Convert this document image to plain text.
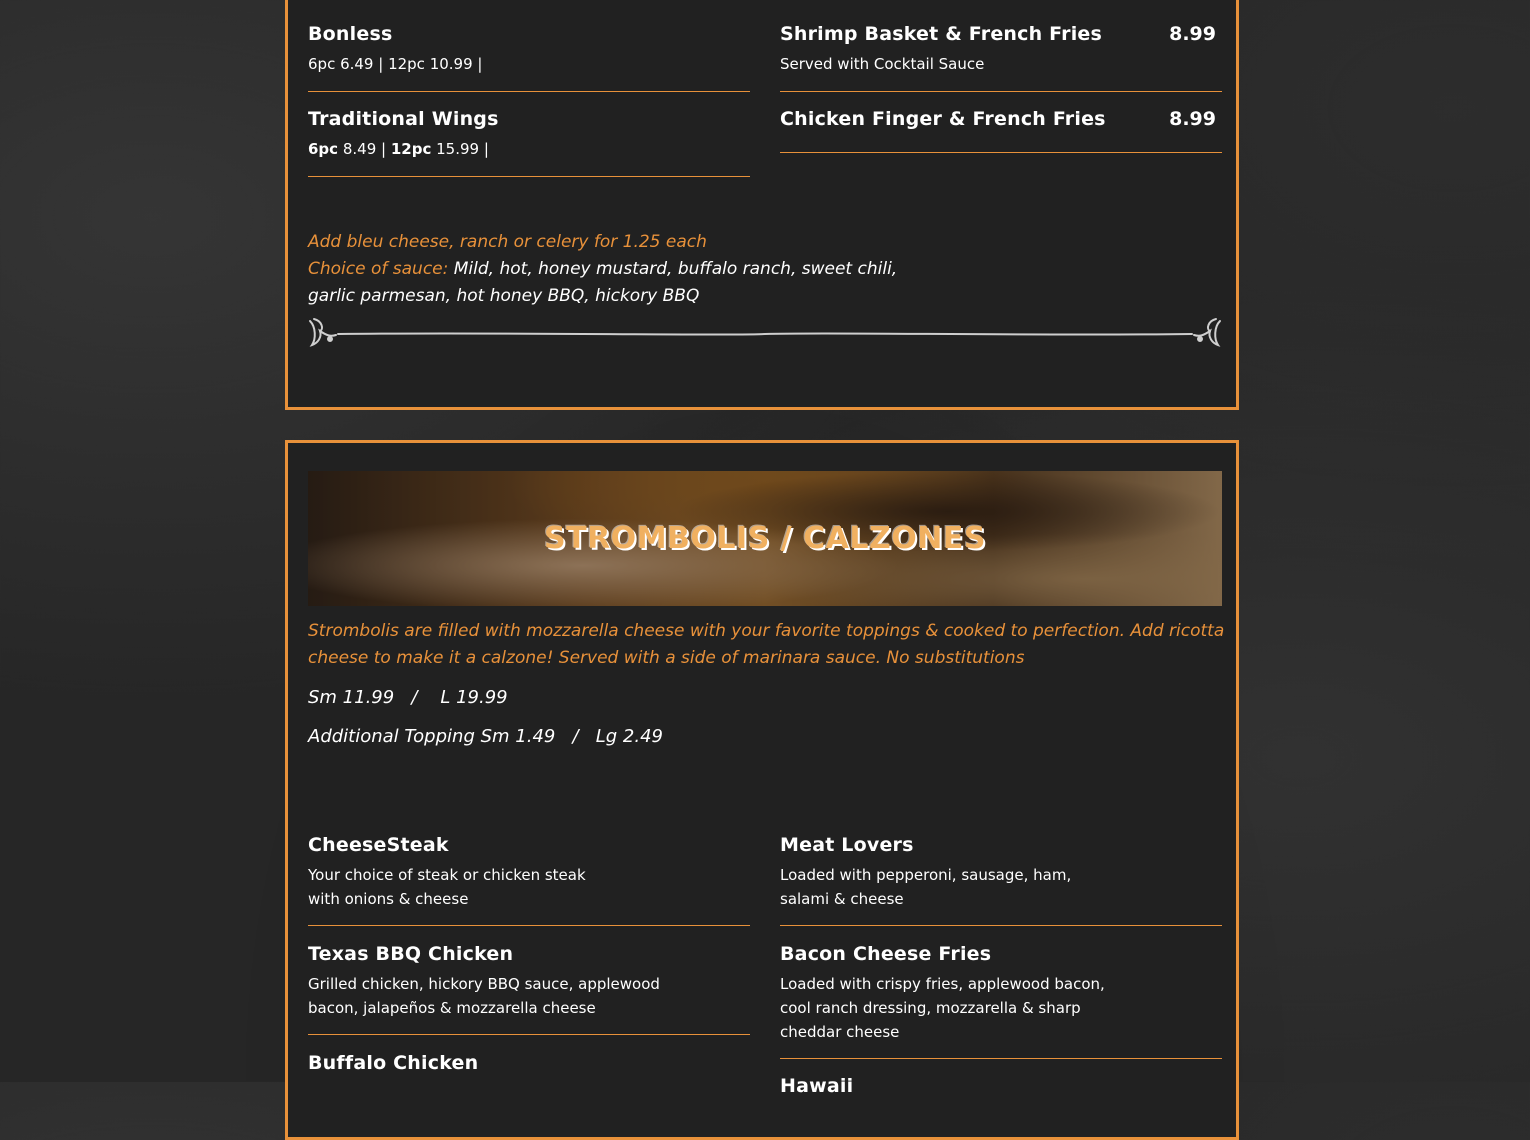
Bonless
6pc 6.49 | 12pc 10.99 |
Traditional Wings
6pc 8.49 | 12pc 15.99 |
Shrimp Basket & French Fries	8.99
Served with Cocktail Sauce
Chicken Finger & French Fries	8.99
Add bleu cheese, ranch or celery for 1.25 each
Choice of sauce: Mild, hot, honey mustard, buffalo ranch, sweet chili,
garlic parmesan, hot honey BBQ, hickory BBQ
STROMBOLIS / CALZONES
Strombolis are filled with mozzarella cheese with your favorite toppings & cooked to perfection. Add ricotta
cheese to make it a calzone! Served with a side of marinara sauce. No substitutions
Sm 11.99   /    L 19.99
Additional Topping Sm 1.49   /   Lg 2.49
CheeseSteak
Your choice of steak or chicken steak
with onions & cheese
Texas BBQ Chicken
Grilled chicken, hickory BBQ sauce, applewood
bacon, jalapeños & mozzarella cheese
Buffalo Chicken
Meat Lovers
Loaded with pepperoni, sausage, ham,
salami & cheese
Bacon Cheese Fries
Loaded with crispy fries, applewood bacon,
cool ranch dressing, mozzarella & sharp
cheddar cheese
Hawaii
